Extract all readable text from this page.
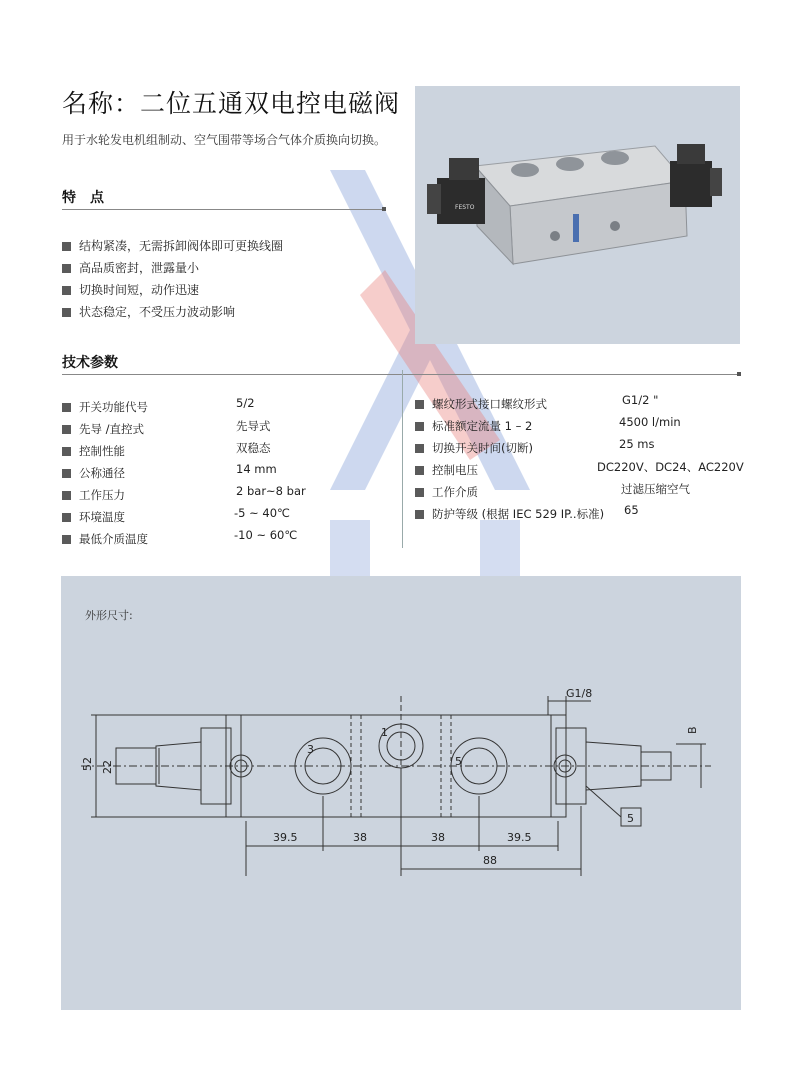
名称：二位五通双电控电磁阀
用于水轮发电机组制动、空气围带等场合气体介质换向切换。
FESTO
特　点
结构紧凑，无需拆卸阀体即可更换线圈
高品质密封，泄露量小
切换时间短，动作迅速
状态稳定，不受压力波动影响
技术参数
开关功能代号	5/2
先导 /直控式	先导式
控制性能	双稳态
公称通径	14 mm
工作压力	2 bar~8 bar
环境温度	-5 ~ 40℃
最低介质温度	-10 ~ 60℃
螺纹形式接口螺纹形式	G1/2 "
标准额定流量 1 – 2	4500 l/min
切换开关时间(切断)	25 ms
控制电压	DC220V、DC24、AC220V
工作介质	过滤压缩空气
防护等级 (根据 IEC 529 IP..标准) 65
外形尺寸:
1
3
5
G1/8
5
52 22
B
39.5	38	38	39.5
88
